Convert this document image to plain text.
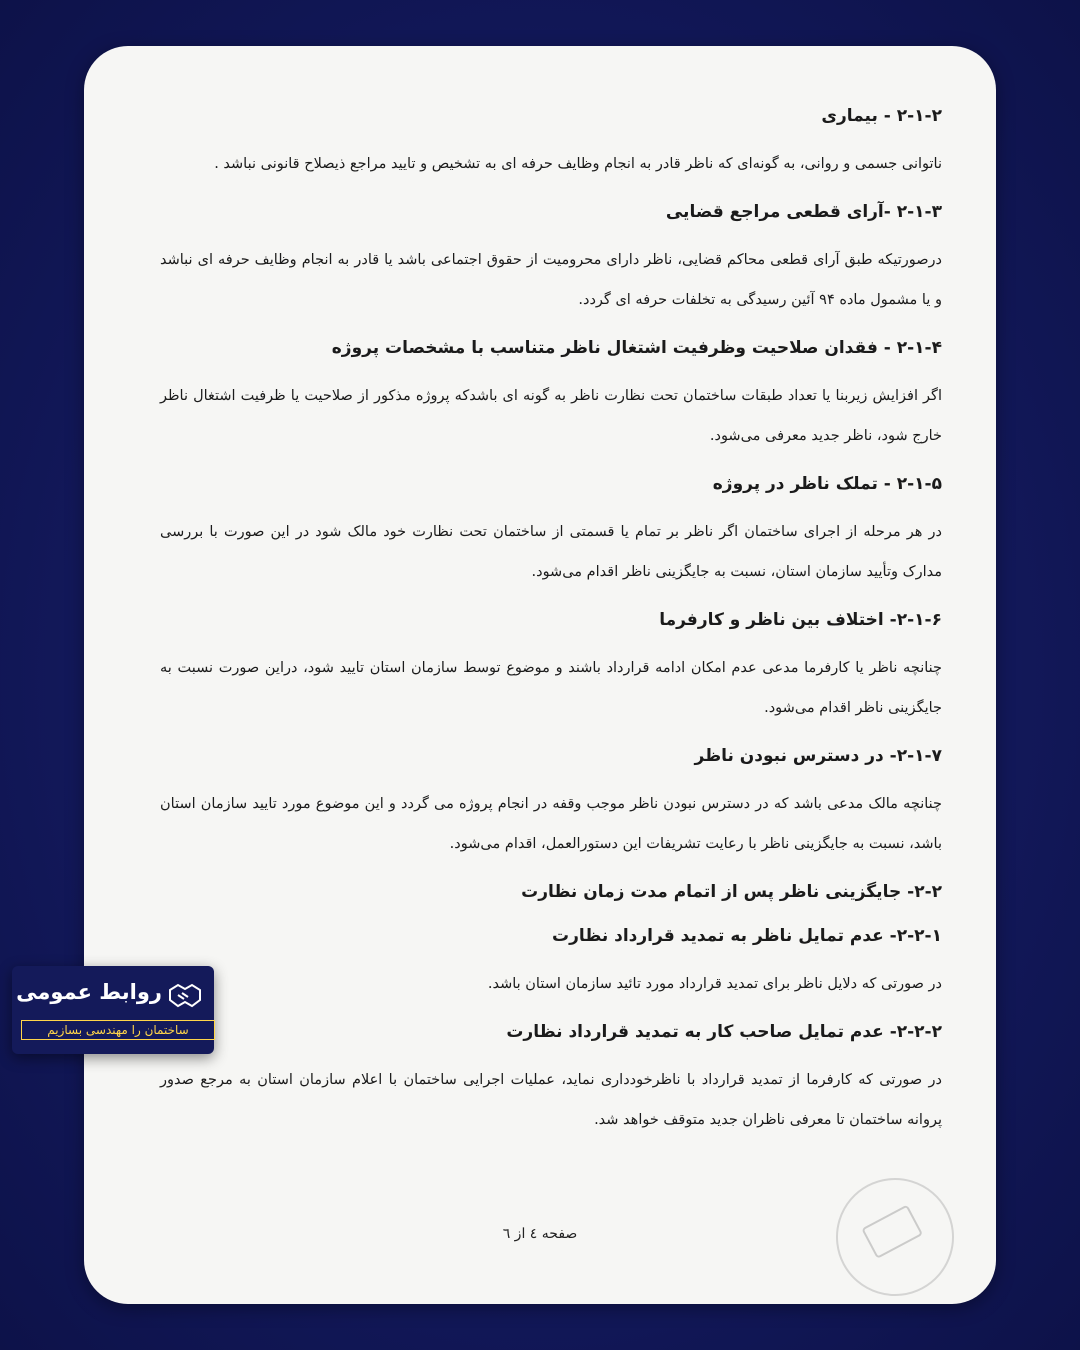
۲-۱-۲ - بیماری

ناتوانی جسمی و روانی، به گونه‌ای که ناظر قادر به انجام وظایف حرفه ای به تشخیص و تایید مراجع ذیصلاح قانونی نباشد .

۲-۱-۳ -آرای قطعی مراجع قضایی

درصورتیکه طبق آرای قطعی محاکم قضایی، ناظر دارای محرومیت از حقوق اجتماعی باشد یا قادر به انجام وظایف حرفه ای نباشد و یا مشمول ماده ۹۴ آئین رسیدگی به تخلفات حرفه ای گردد.

۲-۱-۴ - فقدان صلاحیت وظرفیت اشتغال ناظر متناسب با مشخصات پروژه

اگر افزایش زیربنا یا تعداد طبقات ساختمان تحت نظارت ناظر به گونه ای باشدکه پروژه مذکور از صلاحیت یا ظرفیت اشتغال ناظر خارج شود، ناظر جدید معرفی می‌شود.

۲-۱-۵ - تملک ناظر در پروژه

در هر مرحله از اجرای ساختمان اگر ناظر بر تمام یا قسمتی از ساختمان تحت نظارت خود مالک شود در این صورت با بررسی مدارک وتأیید سازمان استان، نسبت به جایگزینی ناظر اقدام می‌شود.

۲-۱-۶- اختلاف بین ناظر و کارفرما

چنانچه ناظر یا کارفرما مدعی عدم امکان ادامه قرارداد باشند و موضوع توسط سازمان استان تایید شود، دراین صورت نسبت به جایگزینی ناظر اقدام می‌شود.

۲-۱-۷- در دسترس نبودن ناظر

چنانچه مالک مدعی باشد که در دسترس نبودن ناظر موجب وقفه در انجام پروژه می گردد و این موضوع مورد تایید سازمان استان باشد، نسبت به جایگزینی ناظر با رعایت تشریفات این دستورالعمل، اقدام می‌شود.

۲-۲- جایگزینی ناظر پس از اتمام مدت زمان نظارت

۲-۲-۱- عدم تمایل ناظر به تمدید قرارداد نظارت

در صورتی که دلایل ناظر برای تمدید قرارداد مورد تائید سازمان استان باشد.

۲-۲-۲- عدم تمایل صاحب کار به تمدید قرارداد نظارت

در صورتی که کارفرما از تمدید قرارداد با ناظرخودداری نماید، عملیات اجرایی ساختمان با اعلام سازمان استان به مرجع صدور پروانه ساختمان تا معرفی ناظران جدید متوقف خواهد شد.

صفحه ٤ از ٦
روابط عمومی
ساختمان را مهندسی بسازیم
